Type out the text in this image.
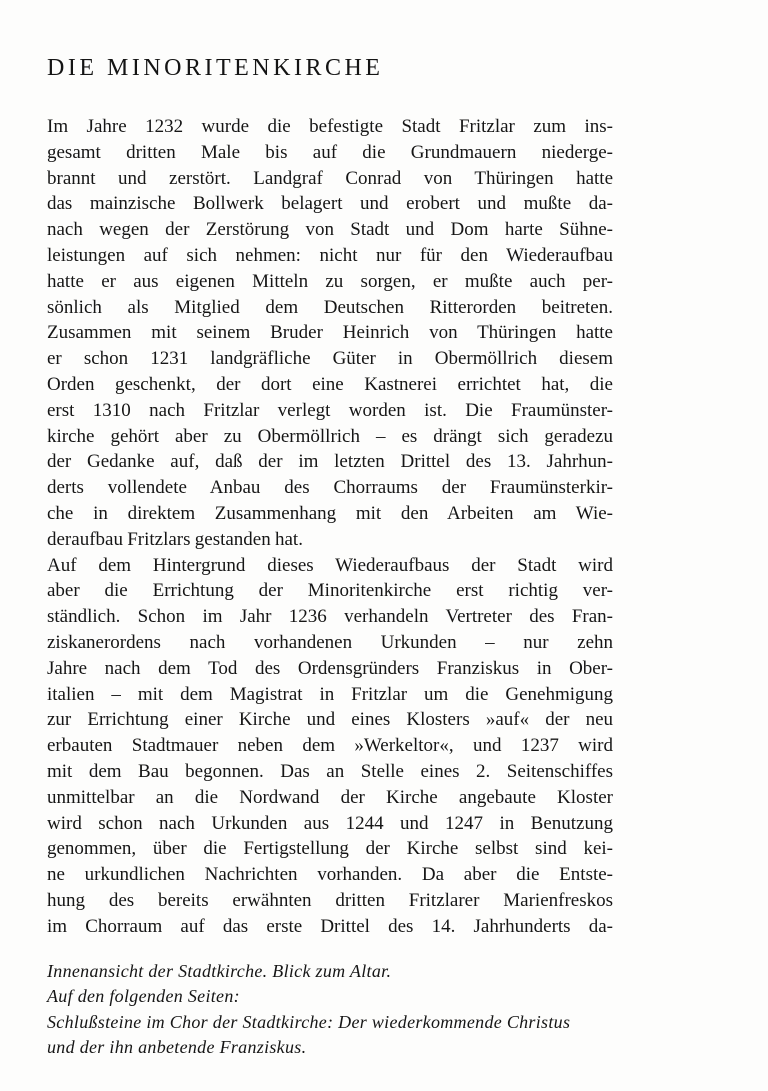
DIE MINORITENKIRCHE
Im Jahre 1232 wurde die befestigte Stadt Fritzlar zum ins-
gesamt dritten Male bis auf die Grundmauern niederge-
brannt und zerstört. Landgraf Conrad von Thüringen hatte
das mainzische Bollwerk belagert und erobert und mußte da-
nach wegen der Zerstörung von Stadt und Dom harte Sühne-
leistungen auf sich nehmen: nicht nur für den Wiederaufbau
hatte er aus eigenen Mitteln zu sorgen, er mußte auch per-
sönlich als Mitglied dem Deutschen Ritterorden beitreten.
Zusammen mit seinem Bruder Heinrich von Thüringen hatte
er schon 1231 landgräfliche Güter in Obermöllrich diesem
Orden geschenkt, der dort eine Kastnerei errichtet hat, die
erst 1310 nach Fritzlar verlegt worden ist. Die Fraumünster-
kirche gehört aber zu Obermöllrich – es drängt sich geradezu
der Gedanke auf, daß der im letzten Drittel des 13. Jahrhun-
derts vollendete Anbau des Chorraums der Fraumünsterkir-
che in direktem Zusammenhang mit den Arbeiten am Wie-
deraufbau Fritzlars gestanden hat.
Auf dem Hintergrund dieses Wiederaufbaus der Stadt wird
aber die Errichtung der Minoritenkirche erst richtig ver-
ständlich. Schon im Jahr 1236 verhandeln Vertreter des Fran-
ziskanerordens nach vorhandenen Urkunden – nur zehn
Jahre nach dem Tod des Ordensgründers Franziskus in Ober-
italien – mit dem Magistrat in Fritzlar um die Genehmigung
zur Errichtung einer Kirche und eines Klosters »auf« der neu
erbauten Stadtmauer neben dem »Werkeltor«, und 1237 wird
mit dem Bau begonnen. Das an Stelle eines 2. Seitenschiffes
unmittelbar an die Nordwand der Kirche angebaute Kloster
wird schon nach Urkunden aus 1244 und 1247 in Benutzung
genommen, über die Fertigstellung der Kirche selbst sind kei-
ne urkundlichen Nachrichten vorhanden. Da aber die Entste-
hung des bereits erwähnten dritten Fritzlarer Marienfreskos
im Chorraum auf das erste Drittel des 14. Jahrhunderts da-
Innenansicht der Stadtkirche. Blick zum Altar.
Auf den folgenden Seiten:
Schlußsteine im Chor der Stadtkirche: Der wiederkommende Christus
und der ihn anbetende Franziskus.
